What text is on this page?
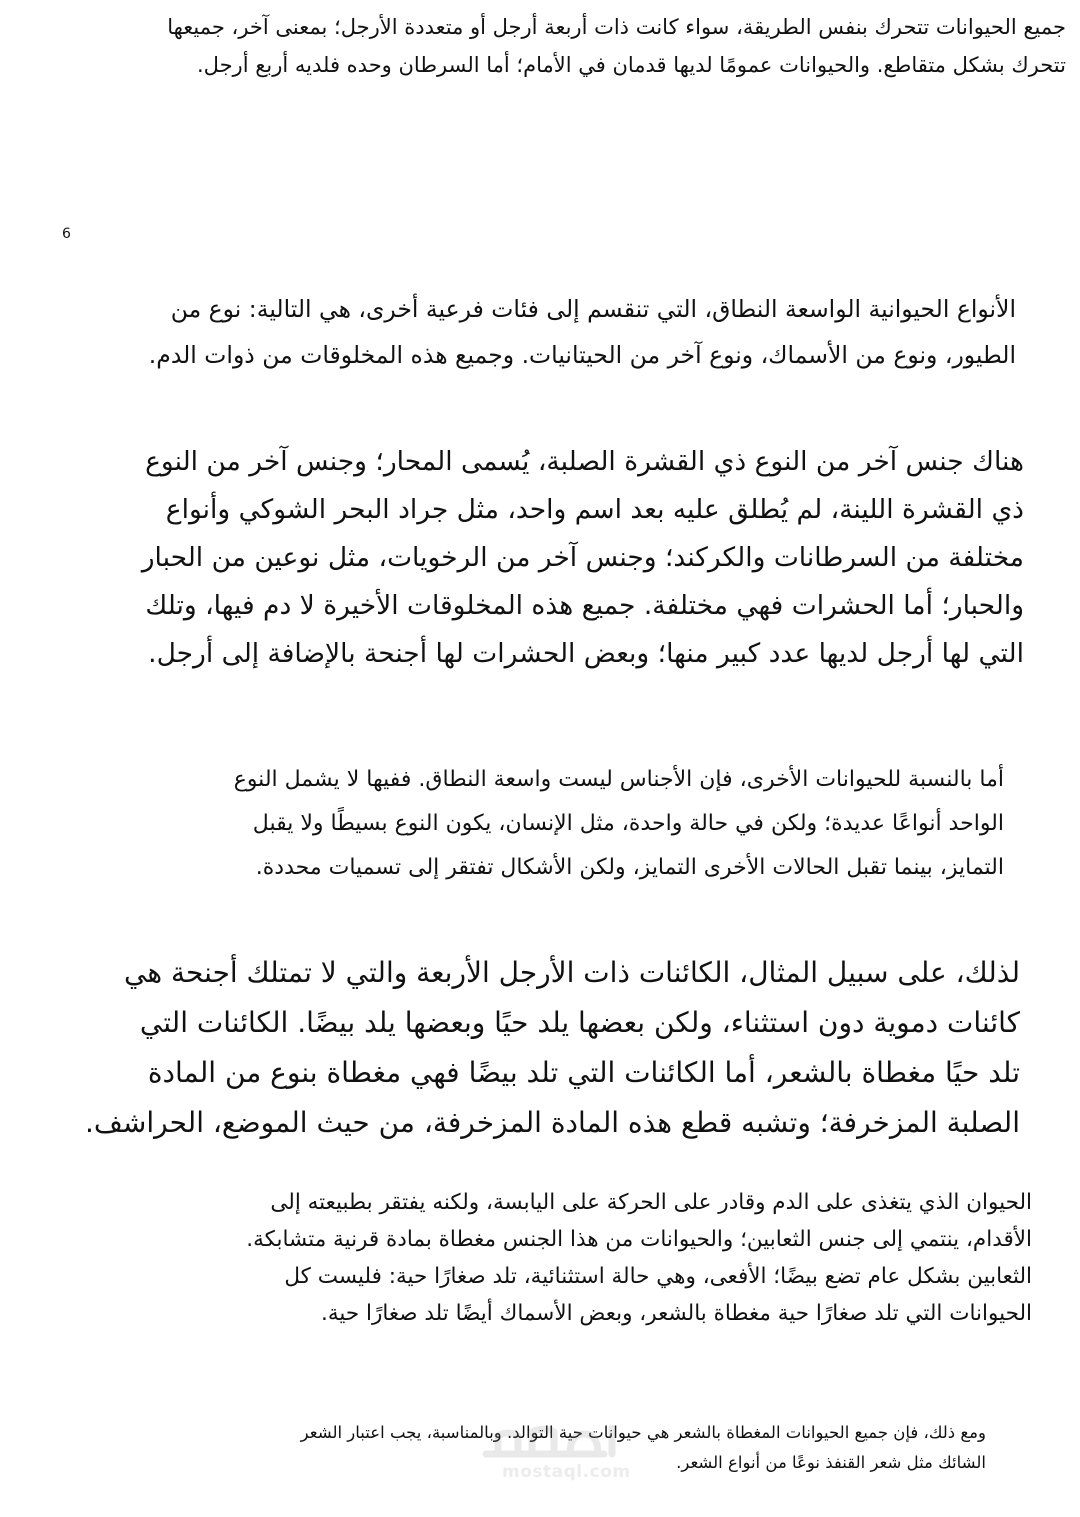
جميع الحيوانات تتحرك بنفس الطريقة، سواء كانت ذات أربعة أرجل أو متعددة الأرجل؛ بمعنى آخر، جميعها
تتحرك بشكل متقاطع. والحيوانات عمومًا لديها قدمان في الأمام؛ أما السرطان وحده فلديه أربع أرجل.

6

الأنواع الحيوانية الواسعة النطاق، التي تنقسم إلى فئات فرعية أخرى، هي التالية: نوع من
الطيور، ونوع من الأسماك، ونوع آخر من الحيتانيات. وجميع هذه المخلوقات من ذوات الدم.

هناك جنس آخر من النوع ذي القشرة الصلبة، يُسمى المحار؛ وجنس آخر من النوع
ذي القشرة اللينة، لم يُطلق عليه بعد اسم واحد، مثل جراد البحر الشوكي وأنواع
مختلفة من السرطانات والكركند؛ وجنس آخر من الرخويات، مثل نوعين من الحبار
والحبار؛ أما الحشرات فهي مختلفة. جميع هذه المخلوقات الأخيرة لا دم فيها، وتلك
التي لها أرجل لديها عدد كبير منها؛ وبعض الحشرات لها أجنحة بالإضافة إلى أرجل.

أما بالنسبة للحيوانات الأخرى، فإن الأجناس ليست واسعة النطاق. ففيها لا يشمل النوع
الواحد أنواعًا عديدة؛ ولكن في حالة واحدة، مثل الإنسان، يكون النوع بسيطًا ولا يقبل
التمايز، بينما تقبل الحالات الأخرى التمايز، ولكن الأشكال تفتقر إلى تسميات محددة.

لذلك، على سبيل المثال، الكائنات ذات الأرجل الأربعة والتي لا تمتلك أجنحة هي
كائنات دموية دون استثناء، ولكن بعضها يلد حيًا وبعضها يلد بيضًا. الكائنات التي
تلد حيًا مغطاة بالشعر، أما الكائنات التي تلد بيضًا فهي مغطاة بنوع من المادة
الصلبة المزخرفة؛ وتشبه قطع هذه المادة المزخرفة، من حيث الموضع، الحراشف.

الحيوان الذي يتغذى على الدم وقادر على الحركة على اليابسة، ولكنه يفتقر بطبيعته إلى
الأقدام، ينتمي إلى جنس الثعابين؛ والحيوانات من هذا الجنس مغطاة بمادة قرنية متشابكة.
الثعابين بشكل عام تضع بيضًا؛ الأفعى، وهي حالة استثنائية، تلد صغارًا حية: فليست كل
الحيوانات التي تلد صغارًا حية مغطاة بالشعر، وبعض الأسماك أيضًا تلد صغارًا حية.

ومع ذلك، فإن جميع الحيوانات المغطاة بالشعر هي حيوانات حية التوالد. وبالمناسبة، يجب اعتبار الشعر
الشائك مثل شعر القنفذ نوعًا من أنواع الشعر.

mostaql.com
